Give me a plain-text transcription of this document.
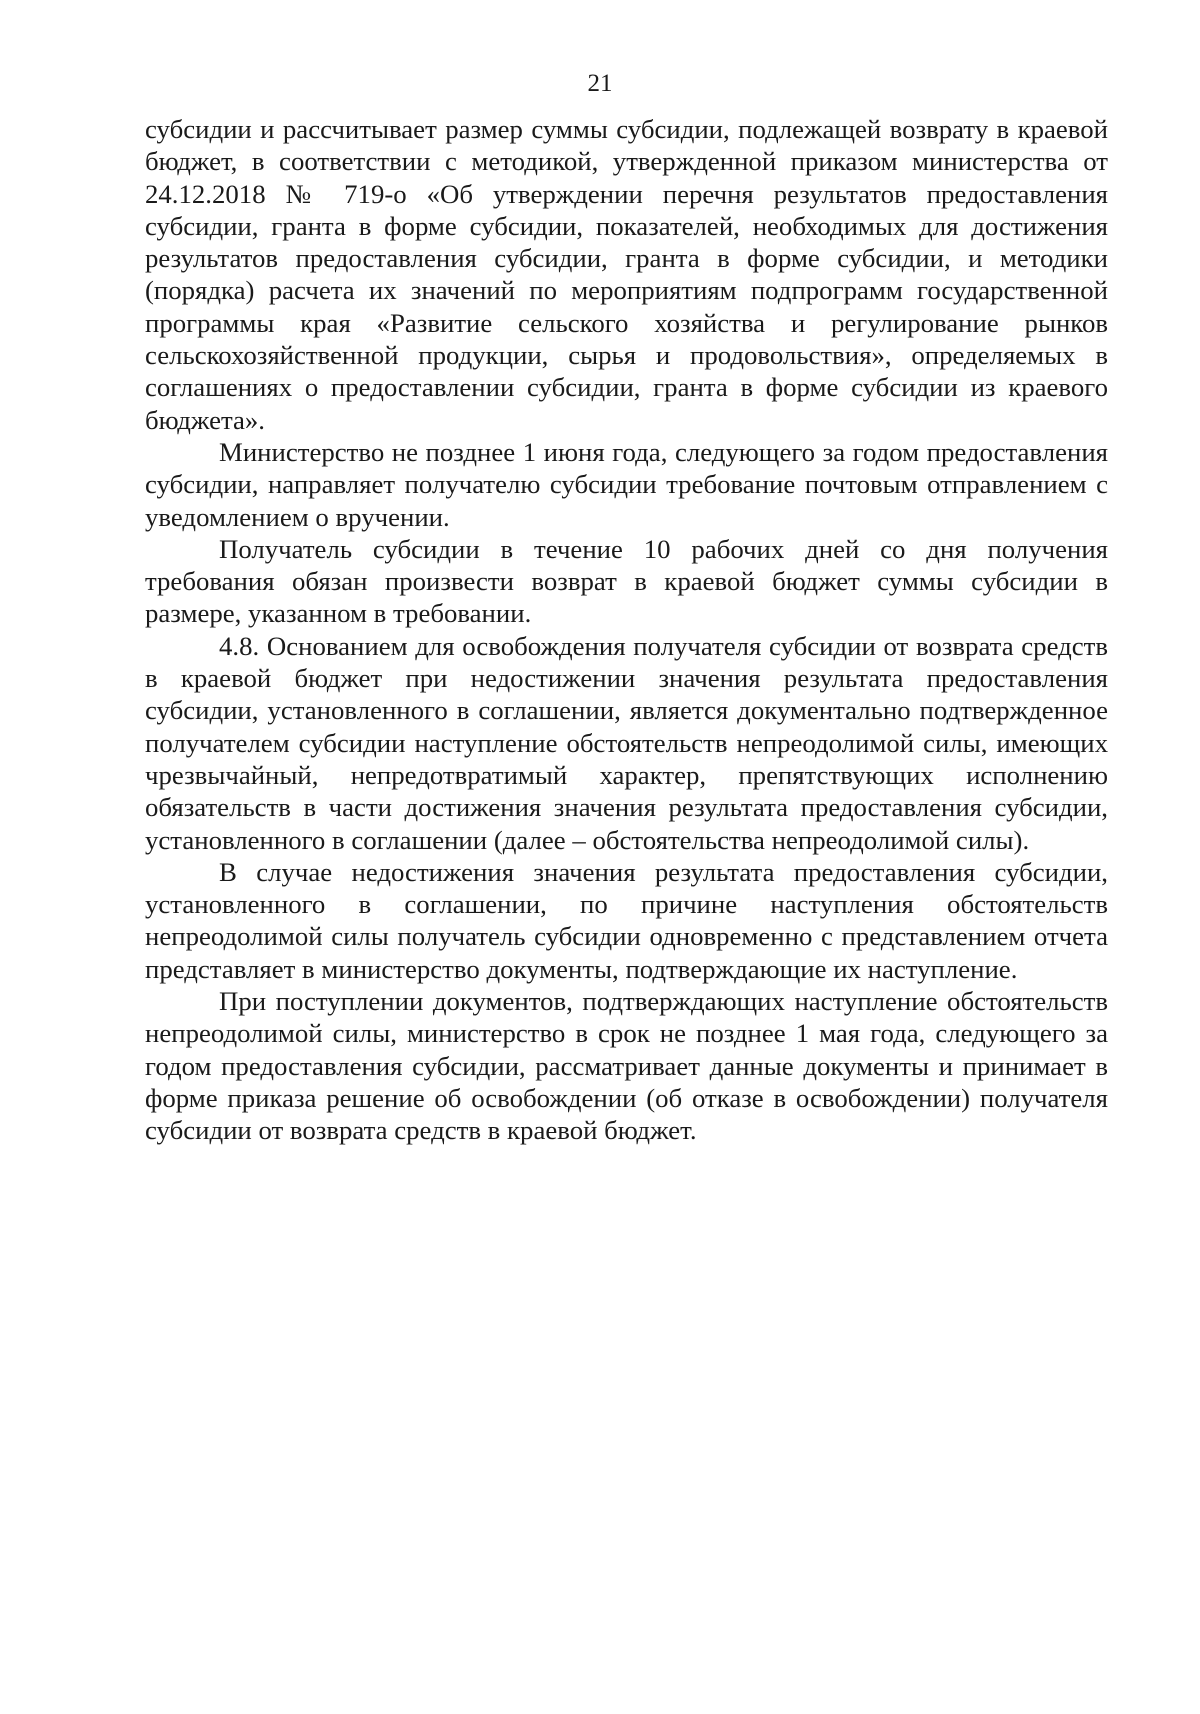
21

субсидии и рассчитывает размер суммы субсидии, подлежащей возврату в краевой бюджет, в соответствии с методикой, утвержденной приказом министерства от 24.12.2018 № 719-о «Об утверждении перечня результатов предоставления субсидии, гранта в форме субсидии, показателей, необходимых для достижения результатов предоставления субсидии, гранта в форме субсидии, и методики (порядка) расчета их значений по мероприятиям подпрограмм государственной программы края «Развитие сельского хозяйства и регулирование рынков сельскохозяйственной продукции, сырья и продовольствия», определяемых в соглашениях о предоставлении субсидии, гранта в форме субсидии из краевого бюджета».

Министерство не позднее 1 июня года, следующего за годом предоставления субсидии, направляет получателю субсидии требование почтовым отправлением с уведомлением о вручении.

Получатель субсидии в течение 10 рабочих дней со дня получения требования обязан произвести возврат в краевой бюджет суммы субсидии в размере, указанном в требовании.

4.8. Основанием для освобождения получателя субсидии от возврата средств в краевой бюджет при недостижении значения результата предоставления субсидии, установленного в соглашении, является документально подтвержденное получателем субсидии наступление обстоятельств непреодолимой силы, имеющих чрезвычайный, непредотвратимый характер, препятствующих исполнению обязательств в части достижения значения результата предоставления субсидии, установленного в соглашении (далее – обстоятельства непреодолимой силы).

В случае недостижения значения результата предоставления субсидии, установленного в соглашении, по причине наступления обстоятельств непреодолимой силы получатель субсидии одновременно с представлением отчета представляет в министерство документы, подтверждающие их наступление.

При поступлении документов, подтверждающих наступление обстоятельств непреодолимой силы, министерство в срок не позднее 1 мая года, следующего за годом предоставления субсидии, рассматривает данные документы и принимает в форме приказа решение об освобождении (об отказе в освобождении) получателя субсидии от возврата средств в краевой бюджет.
